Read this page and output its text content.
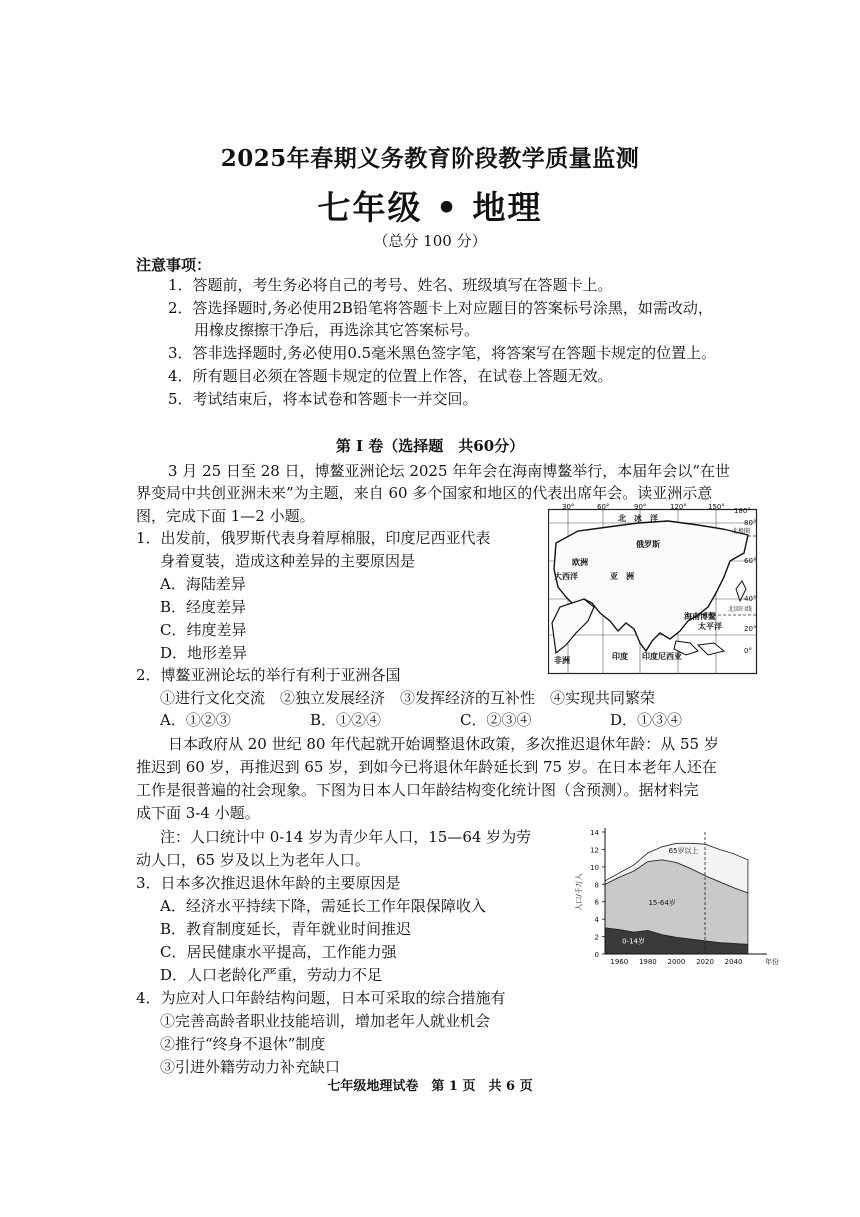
2025年春期义务教育阶段教学质量监测
七年级 • 地理
（总分 100 分）
注意事项：
1．答题前，考生务必将自己的考号、姓名、班级填写在答题卡上。
2．答选择题时,务必使用2B铅笔将答题卡上对应题目的答案标号涂黑，如需改动，
用橡皮擦擦干净后，再选涂其它答案标号。
3．答非选择题时,务必使用0.5毫米黑色签字笔，将答案写在答题卡规定的位置上。
4．所有题目必须在答题卡规定的位置上作答，在试卷上答题无效。
5．考试结束后，将本试卷和答题卡一并交回。
第 I 卷（选择题　共60分）
3 月 25 日至 28 日，博鳌亚洲论坛 2025 年年会在海南博鳌举行，本届年会以“在世
界变局中共创亚洲未来”为主题，来自 60 多个国家和地区的代表出席年会。读亚洲示意
图，完成下面 1—2 小题。
1．出发前，俄罗斯代表身着厚棉服，印度尼西亚代表
身着夏装，造成这种差异的主要原因是
A．海陆差异
B．经度差异
C．纬度差异
D．地形差异
30°	60°	90°	120°	150° 180°
80°
60°
40°
20°
0°
北　冰　洋
俄罗斯
欧洲
亚　洲
大西洋
海南博鳌
太平洋
印度 印度尼西亚
非洲
北回归线
北极圈
2．博鳌亚洲论坛的举行有利于亚洲各国
①进行文化交流　②独立发展经济　③发挥经济的互补性　④实现共同繁荣
A．①②③	B．①②④	C．②③④	D．①③④
日本政府从 20 世纪 80 年代起就开始调整退休政策，多次推迟退休年龄：从 55 岁
推迟到 60 岁，再推迟到 65 岁，到如今已将退休年龄延长到 75 岁。在日本老年人还在
工作是很普遍的社会现象。下图为日本人口年龄结构变化统计图（含预测）。据材料完
成下面 3-4 小题。
注：人口统计中 0-14 岁为青少年人口，15—64 岁为劳
动人口，65 岁及以上为老年人口。
3．日本多次推迟退休年龄的主要原因是
A．经济水平持续下降，需延长工作年限保障收入
B．教育制度延长，青年就业时间推迟
C．居民健康水平提高，工作能力强
D．人口老龄化严重，劳动力不足
4．为应对人口年龄结构问题，日本可采取的综合措施有
①完善高龄者职业技能培训，增加老年人就业机会
②推行“终身不退休”制度
③引进外籍劳动力补充缺口
0
2
4
6
8
10
12
14
1960 1980 2000 2020 2040	年份
人口/千万人
65岁以上
15-64岁
0-14岁
七年级地理试卷　第 1 页　共 6 页
